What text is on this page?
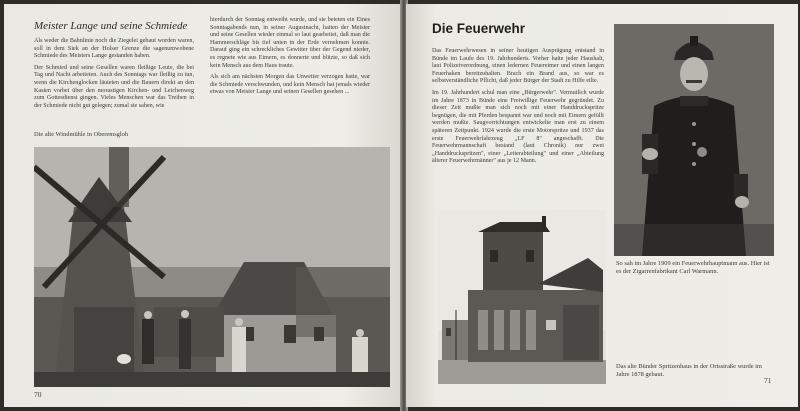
Meister Lange und seine Schmiede

Als weder die Bahnlinie noch die Ziegelei gebaut worden waren, soll in dem Siek an der Holser Grenze die sagenumwobene Schmiede des Meisters Lange gestanden haben.

Der Schmied und seine Gesellen waren fleißige Leute, die bei Tag und Nacht arbeiteten. Auch des Sonntags war fleißig zu tun, wenn die Kirchenglocken läuteten und die Bauern direkt an den Kasten vorbei über den morastigen Kirchen- und Leichenweg zum Gottesdienst gingen. Vieles Menschen war das Treiben in der Schmiede nicht gut gelegen; zumal sie sahen, wie

hierdurch der Sonntag entweiht wurde, und sie beteten ein Eines Sonntagabends nun, in seiner Augustnacht, hatten der Meister und seine Gesellen wieder einmal so laut gearbeitet, daß man die Hammerschläge bis tief unten in der Erde vernehmen konnte. Darauf ging ein schreckliches Gewitter über der Gegend nieder, es regnete wie aus Eimern, es donnerte und blitzte, so daß sich kein Mensch aus dem Haus traute.

Als sich am nächsten Morgen das Unwetter verzogen hatte, war die Schmiede verschwunden, und kein Mensch hat jemals wieder etwas von Meister Lange und seinen Gesellen gesehen ...

Die alte Windmühle in Oberemsgloh
70
Die Feuerwehr

Das Feuerwehrwesen in seiner heutigen Ausprägung entstand in Bünde im Laufe des 19. Jahrhunderts. Vorher hatte jeder Haushalt, laut Polizeiverordnung, einen ledernen Feuereimer und einen langen Feuerhaken bereitzuhalten. Brach ein Brand aus, so war es selbstverständliche Pflicht, daß jeder Bürger der Stadt zu Hilfe eilte.

Im 19. Jahrhundert schul man eine „Bürgerwehr". Vermutlich wurde im Jahre 1873 in Bünde eine Freiwillige Feuerwehr gegründet. Zu dieser Zeit mußte man sich noch mit einer Handdruckspritze begnügen, die mit Pferden bespannt war und noch mit Eimern gefüllt werden mußte. Saugvorrichtungen entwickelte man erst zu einem späteren Zeitpunkt. 1924 wurde die erste Motorspritze und 1937 das erste Feuerwehrfahrzeug „LF 8" angeschafft. Die Feuerwehrmannschaft bestand (laut Chronik) nur zwei „Handdruckspritzen", einer „Leiterabteilung" und einer „Abteilung älterer Feuerwehrmänner" aus je 12 Mann.

So sah im Jahre 1909 ein Feuerwehrhauptmann aus. Hier ist es der Zigarrenfabrikant Carl Warmann.
Das alte Bünder Spritzenhaus in der Ortsstraße wurde im Jahre 1878 gebaut.
71
